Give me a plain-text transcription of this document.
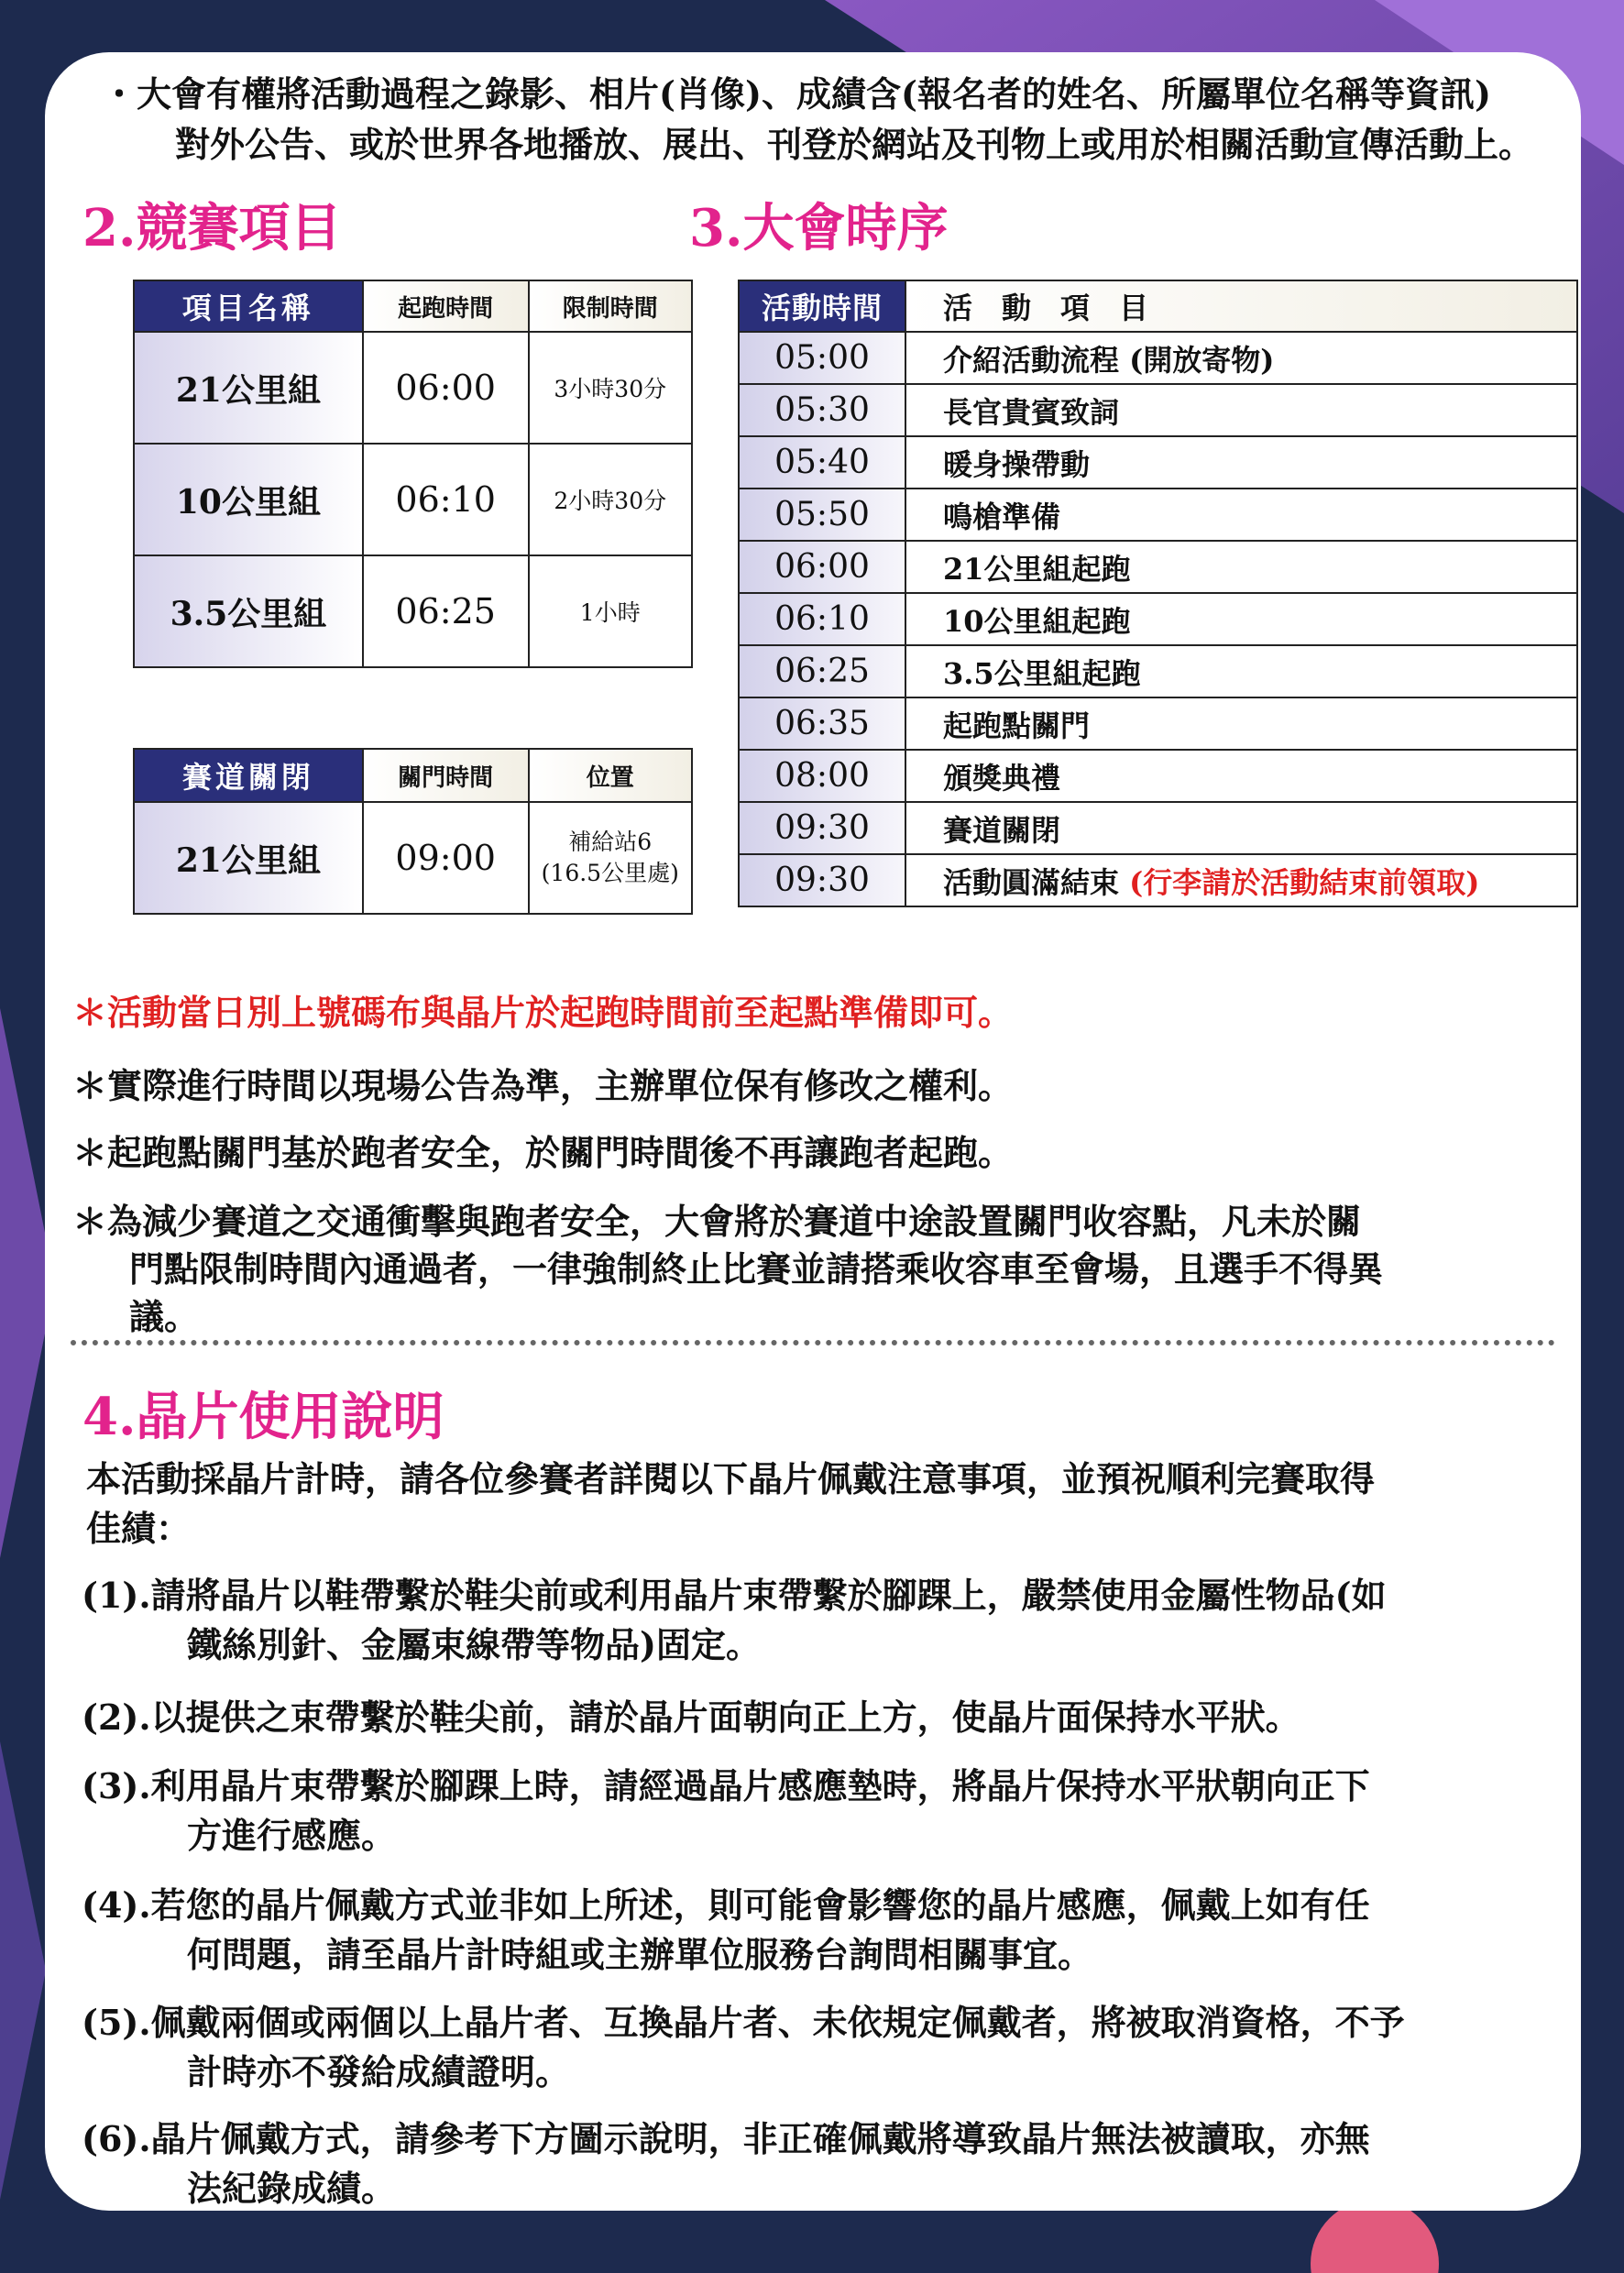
・大會有權將活動過程之錄影、相片(肖像)、成績含(報名者的姓名、所屬單位名稱等資訊)
對外公告、或於世界各地播放、展出、刊登於網站及刊物上或用於相關活動宣傳活動上。
2.競賽項目	3.大會時序
項目名稱	起跑時間	限制時間
21公里組	06:00	3小時30分
10公里組	06:10	2小時30分
3.5公里組	06:25	1小時
賽道關閉	關門時間	位置
21公里組	09:00	補給站6
(16.5公里處)
活動時間	活　動　項　目
05:00	介紹活動流程 (開放寄物)
05:30	長官貴賓致詞
05:40	暖身操帶動
05:50	鳴槍準備
06:00	21公里組起跑
06:10	10公里組起跑
06:25	3.5公里組起跑
06:35	起跑點關門
08:00	頒獎典禮
09:30	賽道關閉
09:30	活動圓滿結束 (行李請於活動結束前領取)
＊活動當日別上號碼布與晶片於起跑時間前至起點準備即可。
＊實際進行時間以現場公告為準，主辦單位保有修改之權利。
＊起跑點關門基於跑者安全，於關門時間後不再讓跑者起跑。
＊為減少賽道之交通衝擊與跑者安全，大會將於賽道中途設置關門收容點，凡未於關
門點限制時間內通過者，一律強制終止比賽並請搭乘收容車至會場，且選手不得異
議。
4.晶片使用說明
本活動採晶片計時，請各位參賽者詳閱以下晶片佩戴注意事項，並預祝順利完賽取得
佳績：
(1).請將晶片以鞋帶繫於鞋尖前或利用晶片束帶繫於腳踝上，嚴禁使用金屬性物品(如
鐵絲別針、金屬束線帶等物品)固定。
(2).以提供之束帶繫於鞋尖前，請於晶片面朝向正上方，使晶片面保持水平狀。
(3).利用晶片束帶繫於腳踝上時，請經過晶片感應墊時，將晶片保持水平狀朝向正下
方進行感應。
(4).若您的晶片佩戴方式並非如上所述，則可能會影響您的晶片感應，佩戴上如有任
何問題，請至晶片計時組或主辦單位服務台詢問相關事宜。
(5).佩戴兩個或兩個以上晶片者、互換晶片者、未依規定佩戴者，將被取消資格，不予
計時亦不發給成績證明。
(6).晶片佩戴方式，請參考下方圖示說明，非正確佩戴將導致晶片無法被讀取，亦無
法紀錄成績。
